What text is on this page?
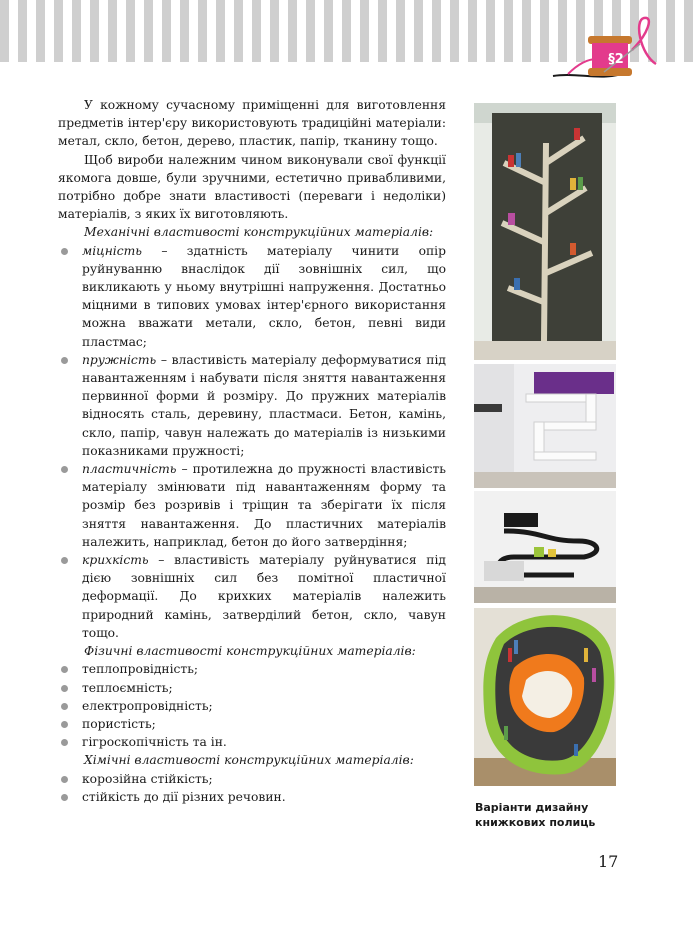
§2

У кожному сучасному приміщенні для виготовлення предметів інтер'єру використовують традиційні матеріали: метал, скло, бетон, дерево, пластик, папір, тканину тощо.

Щоб вироби належним чином виконували свої функції якомога довше, були зручними, естетично привабливими, потрібно добре знати властивості (переваги і недоліки) матеріалів, з яких їх виготовляють.

Механічні властивості конструкційних матеріалів:
міцність – здатність матеріалу чинити опір руйнуванню внаслідок дії зовнішніх сил, що викликають у ньому внутрішні напруження. Достатньо міцними в типових умовах інтер'єрного використання можна вважати метали, скло, бетон, певні види пластмас;
пружність – властивість матеріалу деформуватися під навантаженням і набувати після зняття навантаження первинної форми й розміру. До пружних матеріалів відносять сталь, деревину, пластмаси. Бетон, камінь, скло, папір, чавун належать до матеріалів із низькими показниками пружності;
пластичність – протилежна до пружності властивість матеріалу змінювати під навантаженням форму та розмір без розривів і тріщин та зберігати їх після зняття навантаження. До пластичних матеріалів належить, наприклад, бетон до його затвердіння;
крихкість – властивість матеріалу руйнуватися під дією зовнішніх сил без помітної пластичної деформації. До крихких матеріалів належить природний камінь, затверділий бетон, скло, чавун тощо.
Фізичні властивості конструкційних матеріалів:
теплопровідність;
теплоємність;
електропровідність;
пористість;
гігроскопічність та ін.
Хімічні властивості конструкційних матеріалів:
корозійна стійкість;
стійкість до дії різних речовин.
Варіанти дизайну книжкових полиць
17
